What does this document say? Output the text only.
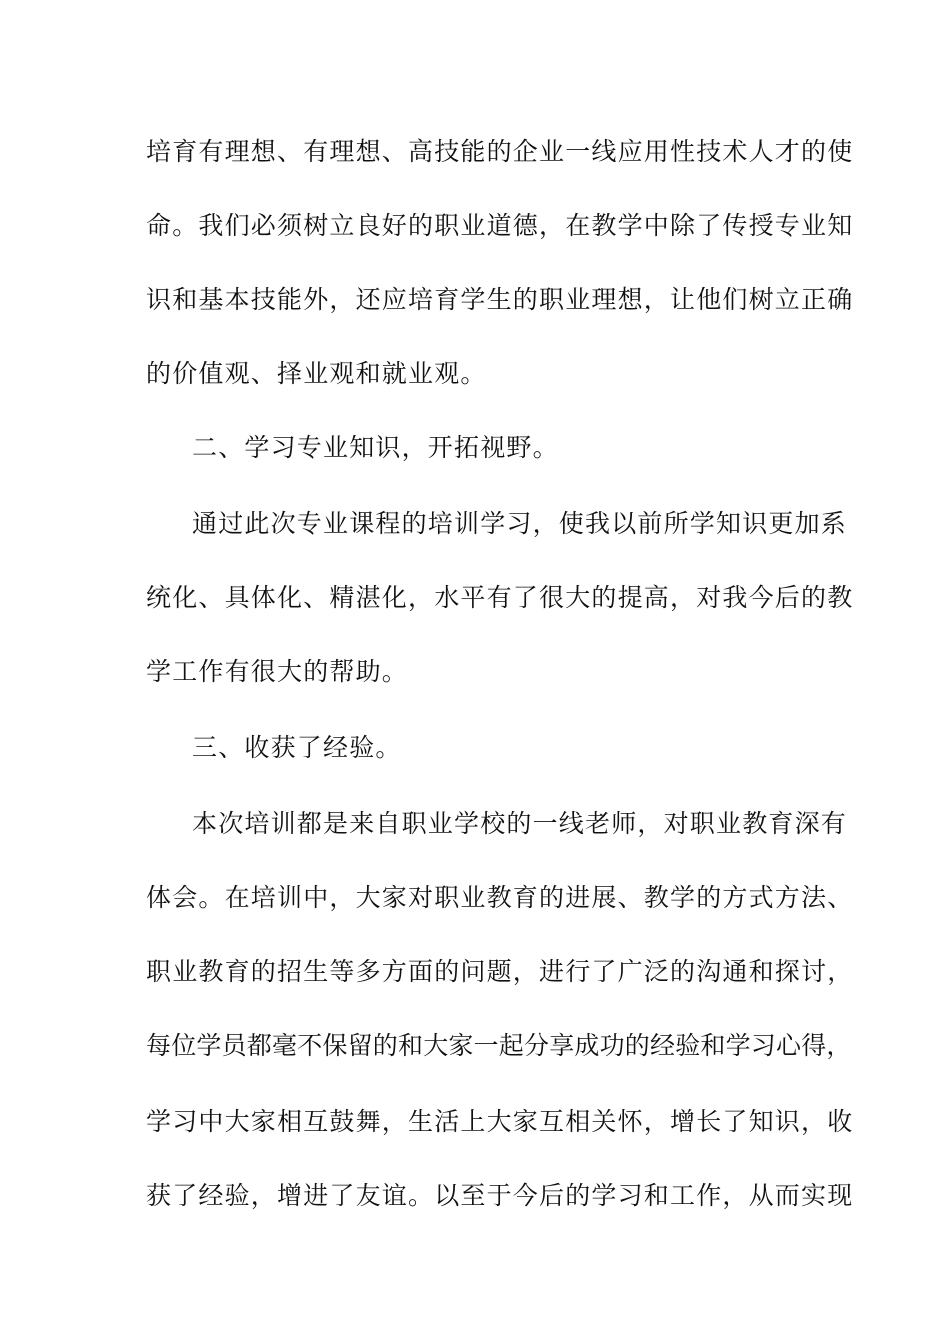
培育有理想、有理想、高技能的企业一线应用性技术人才的使
命。我们必须树立良好的职业道德，在教学中除了传授专业知
识和基本技能外，还应培育学生的职业理想，让他们树立正确
的价值观、择业观和就业观。
二、学习专业知识，开拓视野。
通过此次专业课程的培训学习，使我以前所学知识更加系
统化、具体化、精湛化，水平有了很大的提高，对我今后的教
学工作有很大的帮助。
三、收获了经验。
本次培训都是来自职业学校的一线老师，对职业教育深有
体会。在培训中，大家对职业教育的进展、教学的方式方法、
职业教育的招生等多方面的问题，进行了广泛的沟通和探讨，
每位学员都毫不保留的和大家一起分享成功的经验和学习心得，
学习中大家相互鼓舞，生活上大家互相关怀，增长了知识，收
获了经验，增进了友谊。以至于今后的学习和工作，从而实现
